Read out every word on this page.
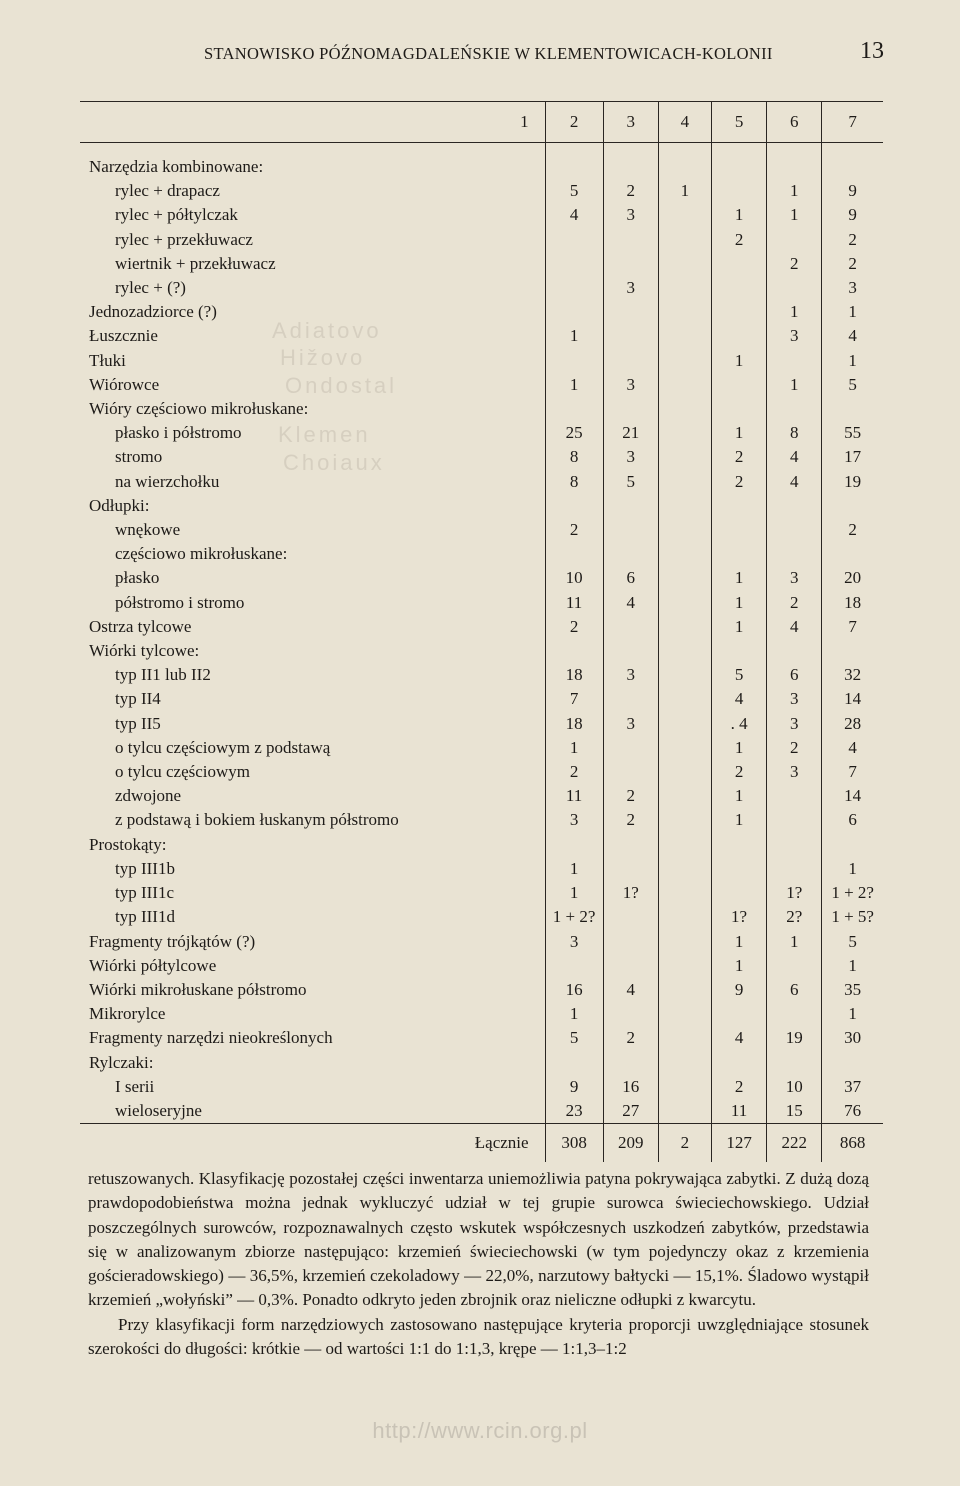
STANOWISKO PÓŹNOMAGDALEŃSKIE W KLEMENTOWICACH-KOLONII	13
Adiatovo
Hižovo
Ondostal
Klemen
Choiaux
1	2	3	4	5	6	7

Narzędzia kombinowane:						
rylec + drapacz	5	2	1		1	9
rylec + półtylczak	4	3		1	1	9
rylec + przekłuwacz				2		2
wiertnik + przekłuwacz					2	2
rylec + (?)		3				3
Jednozadziorce (?)					1	1
Łuszcznie	1				3	4
Tłuki				1		1
Wiórowce	1	3			1	5
Wióry częściowo mikrołuskane:						
płasko i półstromo	25	21		1	8	55
stromo	8	3		2	4	17
na wierzchołku	8	5		2	4	19
Odłupki:						
wnękowe	2					2
częściowo mikrołuskane:						
płasko	10	6		1	3	20
półstromo i stromo	11	4		1	2	18
Ostrza tylcowe	2			1	4	7
Wiórki tylcowe:						
typ II1 lub II2	18	3		5	6	32
typ II4	7			4	3	14
typ II5	18	3		. 4	3	28
o tylcu częściowym z podstawą	1			1	2	4
o tylcu częściowym	2			2	3	7
zdwojone	11	2		1		14
z podstawą i bokiem łuskanym półstromo	3	2		1		6
Prostokąty:						
typ III1b	1					1
typ III1c	1	1?			1?	1 + 2?
typ III1d	1 + 2?			1?	2?	1 + 5?
Fragmenty trójkątów (?)	3			1	1	5
Wiórki półtylcowe				1		1
Wiórki mikrołuskane półstromo	16	4		9	6	35
Mikrorylce	1					1
Fragmenty narzędzi nieokreślonych	5	2		4	19	30
Rylczaki:						
I serii	9	16		2	10	37
wieloseryjne	23	27		11	15	76
Łącznie	308	209	2	127	222	868

retuszowanych. Klasyfikację pozostałej części inwentarza uniemożliwia patyna pokrywająca zabytki. Z dużą dozą prawdopodobieństwa można jednak wykluczyć udział w tej grupie surowca świeciechowskiego. Udział poszczególnych surowców, rozpoznawalnych często wskutek współczesnych uszkodzeń zabytków, przedstawia się w analizowanym zbiorze następująco: krzemień świeciechowski (w tym pojedynczy okaz z krzemienia gościeradowskiego) — 36,5%, krzemień czekoladowy — 22,0%, narzutowy bałtycki — 15,1%. Śladowo wystąpił krzemień „wołyński” — 0,3%. Ponadto odkryto jeden zbrojnik oraz nieliczne odłupki z kwarcytu.

Przy klasyfikacji form narzędziowych zastosowano następujące kryteria proporcji uwzględniające stosunek szerokości do długości: krótkie — od wartości 1:1 do 1:1,3, krępe — 1:1,3–1:2

http://www.rcin.org.pl
